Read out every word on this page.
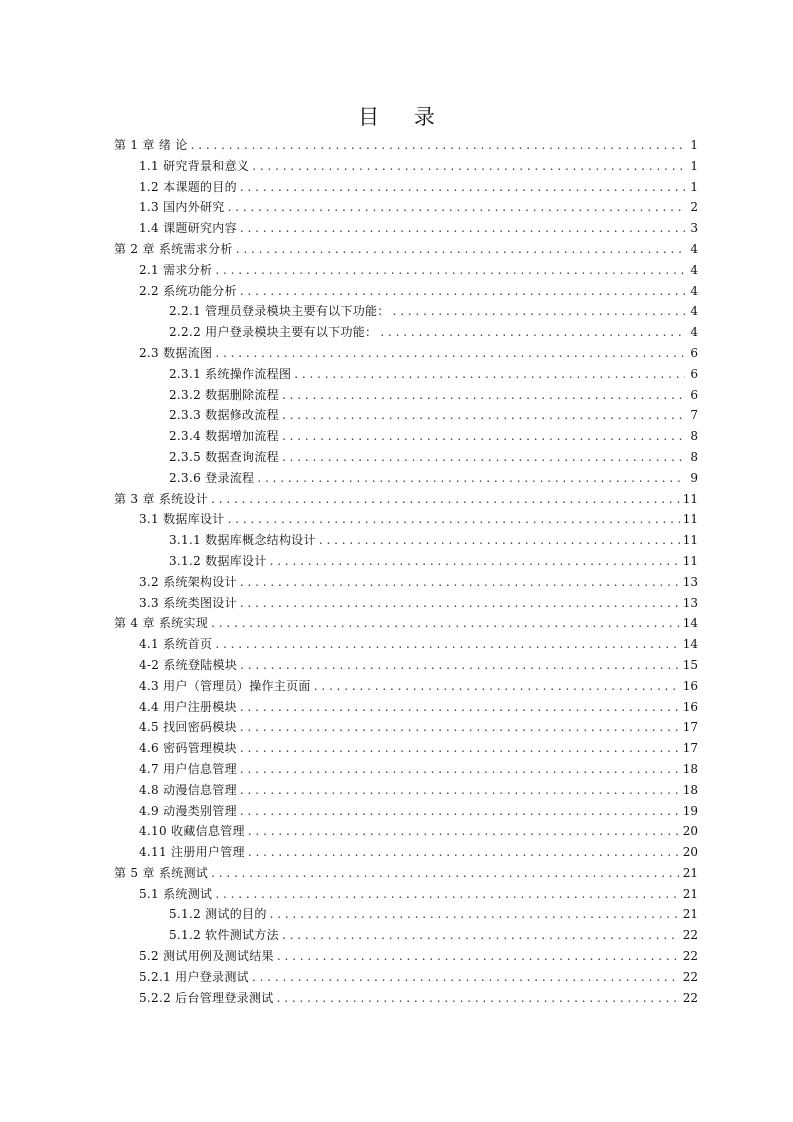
目 录
第 1 章 绪 论 . . .	1
1.1 研究背景和意义 . . .	1
1.2 本课题的目的 . . .	1
1.3 国内外研究 . . .	2
1.4 课题研究内容 . . .	3
第 2 章 系统需求分析 . . .	4
2.1 需求分析 . . .	4
2.2 系统功能分析 . . .	4
2.2.1 管理员登录模块主要有以下功能： . . .	4
2.2.2 用户登录模块主要有以下功能： . . .	4
2.3 数据流图 . . .	6
2.3.1 系统操作流程图 . . .	6
2.3.2 数据删除流程 . . .	6
2.3.3 数据修改流程 . . .	7
2.3.4 数据增加流程 . . .	8
2.3.5 数据查询流程 . . .	8
2.3.6 登录流程 . . .	9
第 3 章 系统设计 . . .	11
3.1 数据库设计 . . .	11
3.1.1 数据库概念结构设计 . . .	11
3.1.2 数据库设计 . . .	11
3.2 系统架构设计 . . .	13
3.3 系统类图设计 . . .	13
第 4 章 系统实现 . . .	14
4.1 系统首页 . . .	14
4-2 系统登陆模块 . . .	15
4.3 用户（管理员）操作主页面 . . .	16
4.4 用户注册模块 . . .	16
4.5 找回密码模块 . . .	17
4.6 密码管理模块 . . .	17
4.7 用户信息管理 . . .	18
4.8 动漫信息管理 . . .	18
4.9 动漫类别管理 . . .	19
4.10 收藏信息管理 . . .	20
4.11 注册用户管理 . . .	20
第 5 章 系统测试 . . .	21
5.1 系统测试 . . .	21
5.1.2 测试的目的 . . .	21
5.1.2 软件测试方法 . . .	22
5.2 测试用例及测试结果 . . .	22
5.2.1 用户登录测试 . . .	22
5.2.2 后台管理登录测试 . . .	22
